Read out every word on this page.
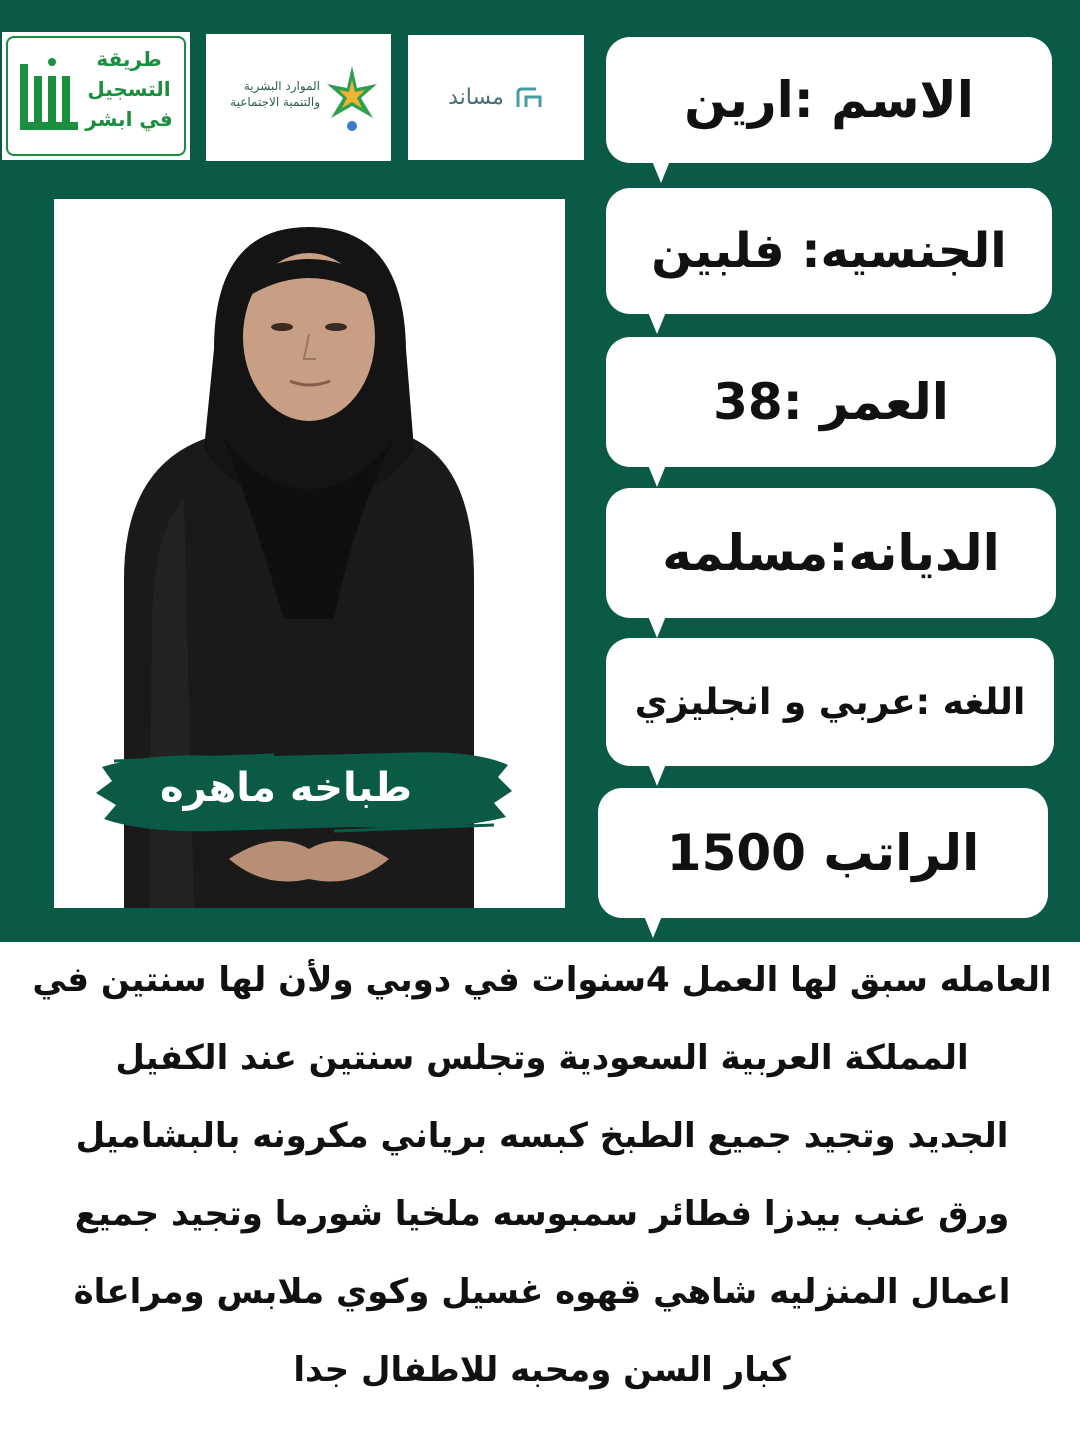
طريقة
التسجيل
في ابشر
الموارد البشرية
والتنمية الاجتماعية	مساند	الاسم :ارين
الجنسيه: فلبين
العمر :38
الديانه:مسلمه
اللغه :عربي و انجليزي
الراتب 1500
طباخه ماهره
العامله سبق لها العمل 4سنوات في دوبي ولأن لها سنتين في
المملكة العربية السعودية وتجلس سنتين عند الكفيل
الجديد وتجيد جميع الطبخ كبسه برياني مكرونه بالبشاميل
ورق عنب بيدزا فطائر سمبوسه ملخيا شورما وتجيد جميع
اعمال المنزليه شاهي قهوه غسيل وكوي ملابس ومراعاة
كبار السن ومحبه للاطفال جدا
